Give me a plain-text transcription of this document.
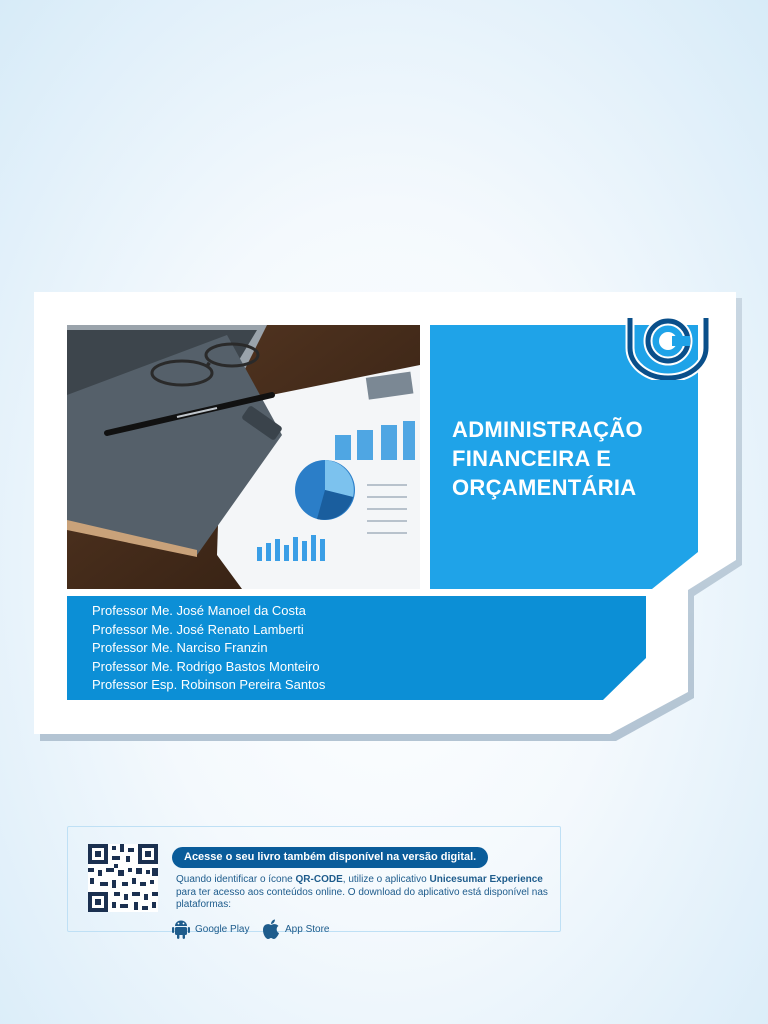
ADMINISTRAÇÃO
FINANCEIRA E
ORÇAMENTÁRIA
Professor Me. José Manoel da Costa
Professor Me. José Renato Lamberti
Professor Me. Narciso Franzin
Professor Me. Rodrigo Bastos Monteiro
Professor Esp. Robinson Pereira Santos
Acesse o seu livro também disponível na versão digital.
Quando identificar o ícone QR-CODE, utilize o aplicativo Unicesumar Experience para ter acesso aos conteúdos online. O download do aplicativo está disponível nas plataformas:
Google Play	App Store
